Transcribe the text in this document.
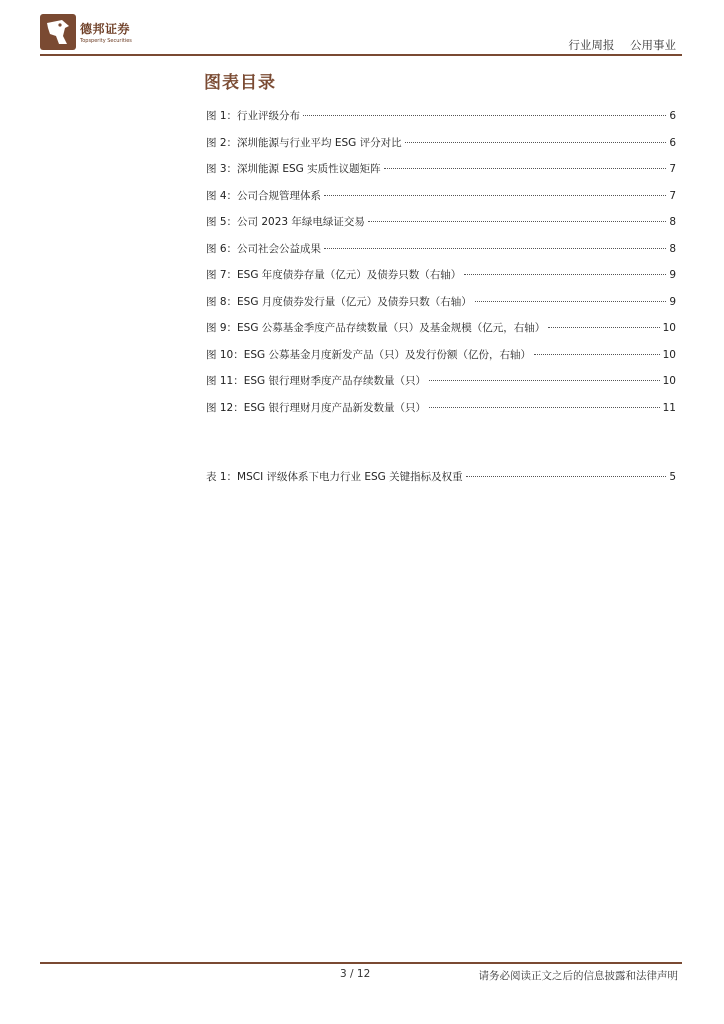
德邦证券
Topsperity Securities	行业周报 公用事业
图表目录
图 1：行业评级分布	6
图 2：深圳能源与行业平均 ESG 评分对比	6
图 3：深圳能源 ESG 实质性议题矩阵	7
图 4：公司合规管理体系	7
图 5：公司 2023 年绿电绿证交易	8
图 6：公司社会公益成果	8
图 7：ESG 年度债券存量（亿元）及债券只数（右轴）	9
图 8：ESG 月度债券发行量（亿元）及债券只数（右轴）	9
图 9：ESG 公募基金季度产品存续数量（只）及基金规模（亿元，右轴）	10
图 10：ESG 公募基金月度新发产品（只）及发行份额（亿份，右轴）	10
图 11：ESG 银行理财季度产品存续数量（只）	10
图 12：ESG 银行理财月度产品新发数量（只）	11
表 1：MSCI 评级体系下电力行业 ESG 关键指标及权重	5
3 / 12	请务必阅读正文之后的信息披露和法律声明
